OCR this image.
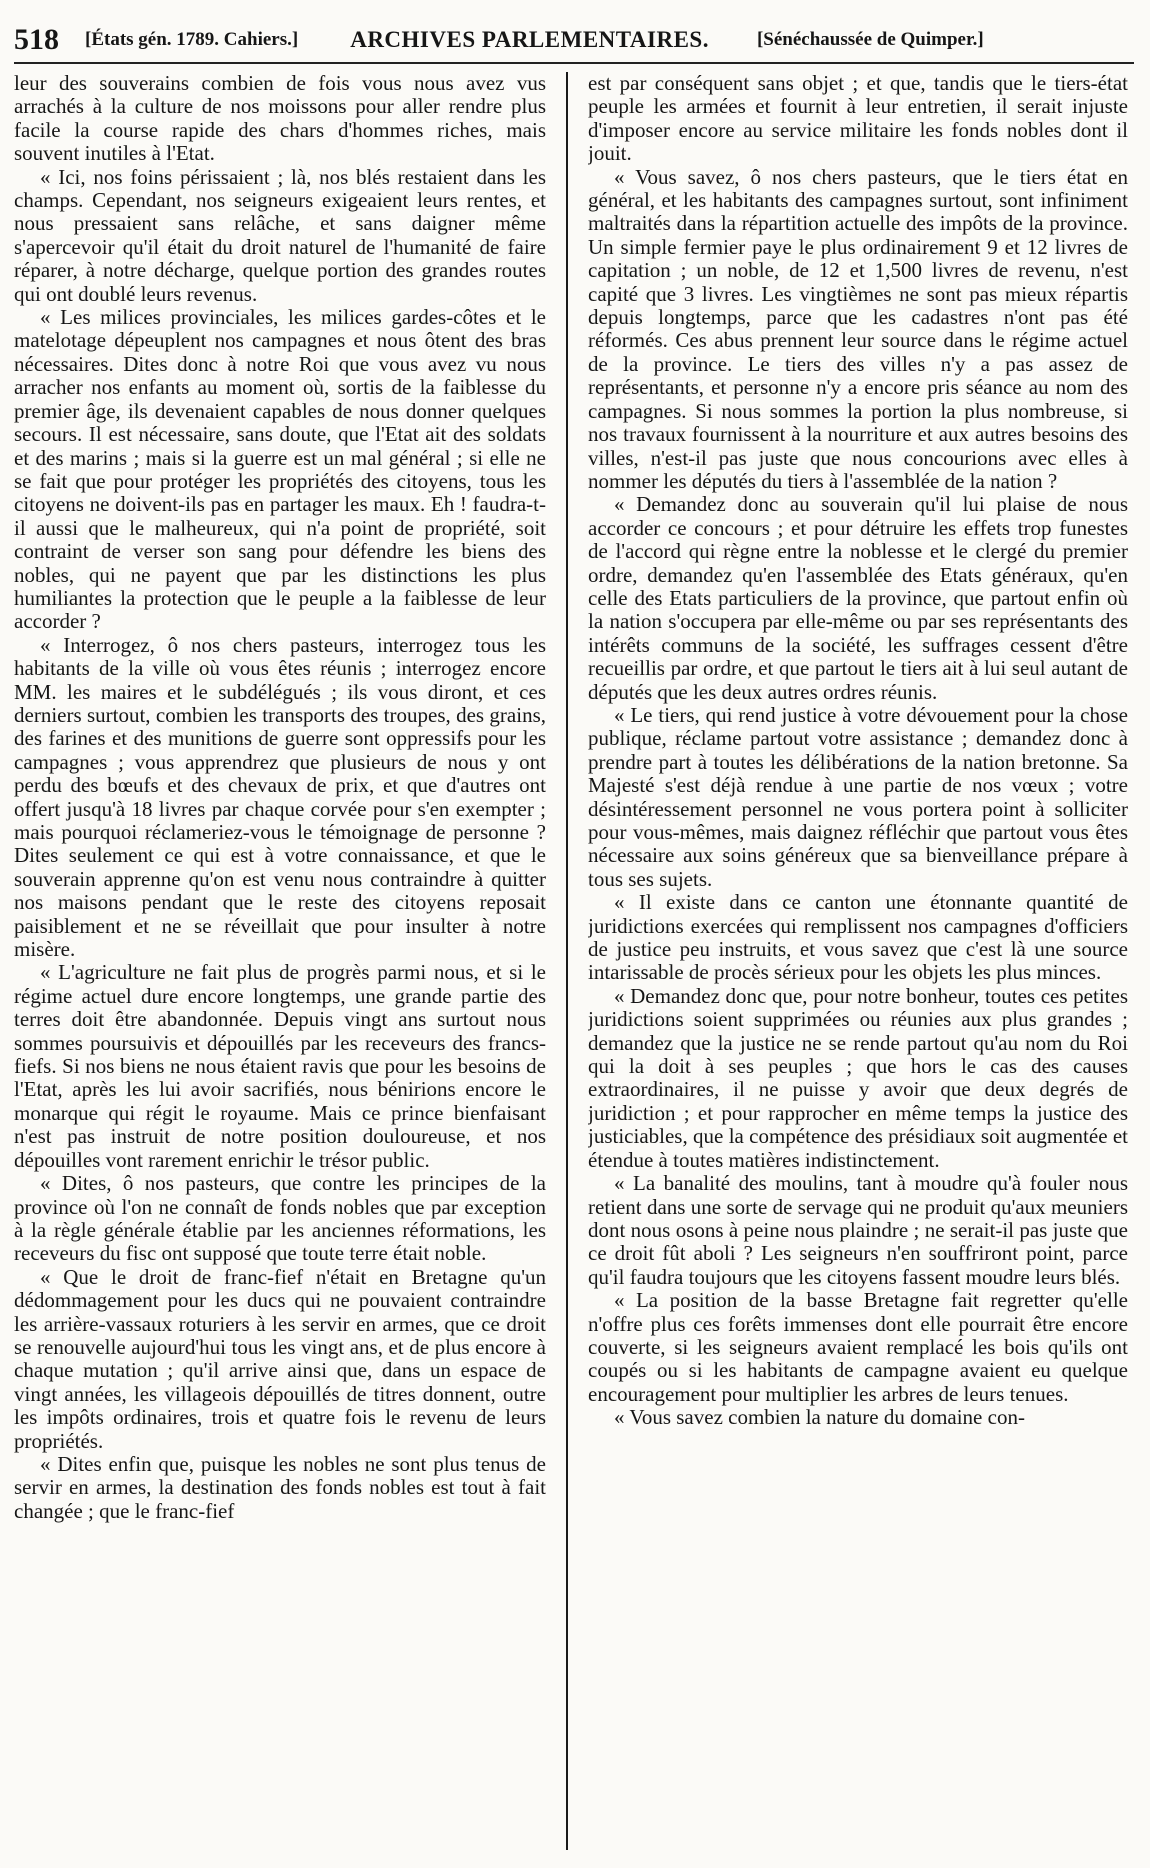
518 [États gén. 1789. Cahiers.] ARCHIVES PARLEMENTAIRES.	[Sénéchaussée de Quimper.]

leur des souverains combien de fois vous nous avez vus arrachés à la culture de nos moissons pour aller rendre plus facile la course rapide des chars d'hommes riches, mais souvent inutiles à l'Etat.

« Ici, nos foins périssaient ; là, nos blés restaient dans les champs. Cependant, nos seigneurs exigeaient leurs rentes, et nous pressaient sans relâche, et sans daigner même s'apercevoir qu'il était du droit naturel de l'humanité de faire réparer, à notre décharge, quelque portion des grandes routes qui ont doublé leurs revenus.

« Les milices provinciales, les milices gardes-côtes et le matelotage dépeuplent nos campagnes et nous ôtent des bras nécessaires. Dites donc à notre Roi que vous avez vu nous arracher nos enfants au moment où, sortis de la faiblesse du premier âge, ils devenaient capables de nous donner quelques secours. Il est nécessaire, sans doute, que l'Etat ait des soldats et des marins ; mais si la guerre est un mal général ; si elle ne se fait que pour protéger les propriétés des citoyens, tous les citoyens ne doivent-ils pas en partager les maux. Eh ! faudra-t-il aussi que le malheureux, qui n'a point de propriété, soit contraint de verser son sang pour défendre les biens des nobles, qui ne payent que par les distinctions les plus humiliantes la protection que le peuple a la faiblesse de leur accorder ?

« Interrogez, ô nos chers pasteurs, interrogez tous les habitants de la ville où vous êtes réunis ; interrogez encore MM. les maires et le subdélégués ; ils vous diront, et ces derniers surtout, combien les transports des troupes, des grains, des farines et des munitions de guerre sont oppressifs pour les campagnes ; vous apprendrez que plusieurs de nous y ont perdu des bœufs et des chevaux de prix, et que d'autres ont offert jusqu'à 18 livres par chaque corvée pour s'en exempter ; mais pourquoi réclameriez-vous le témoignage de personne ? Dites seulement ce qui est à votre connaissance, et que le souverain apprenne qu'on est venu nous contraindre à quitter nos maisons pendant que le reste des citoyens reposait paisiblement et ne se réveillait que pour insulter à notre misère.

« L'agriculture ne fait plus de progrès parmi nous, et si le régime actuel dure encore longtemps, une grande partie des terres doit être abandonnée. Depuis vingt ans surtout nous sommes poursuivis et dépouillés par les receveurs des francs-fiefs. Si nos biens ne nous étaient ravis que pour les besoins de l'Etat, après les lui avoir sacrifiés, nous bénirions encore le monarque qui régit le royaume. Mais ce prince bienfaisant n'est pas instruit de notre position douloureuse, et nos dépouilles vont rarement enrichir le trésor public.

« Dites, ô nos pasteurs, que contre les principes de la province où l'on ne connaît de fonds nobles que par exception à la règle générale établie par les anciennes réformations, les receveurs du fisc ont supposé que toute terre était noble.

« Que le droit de franc-fief n'était en Bretagne qu'un dédommagement pour les ducs qui ne pouvaient contraindre les arrière-vassaux roturiers à les servir en armes, que ce droit se renouvelle aujourd'hui tous les vingt ans, et de plus encore à chaque mutation ; qu'il arrive ainsi que, dans un espace de vingt années, les villageois dépouillés de titres donnent, outre les impôts ordinaires, trois et quatre fois le revenu de leurs propriétés.

« Dites enfin que, puisque les nobles ne sont plus tenus de servir en armes, la destination des fonds nobles est tout à fait changée ; que le franc-fief

est par conséquent sans objet ; et que, tandis que le tiers-état peuple les armées et fournit à leur entretien, il serait injuste d'imposer encore au service militaire les fonds nobles dont il jouit.

« Vous savez, ô nos chers pasteurs, que le tiers état en général, et les habitants des campagnes surtout, sont infiniment maltraités dans la répartition actuelle des impôts de la province. Un simple fermier paye le plus ordinairement 9 et 12 livres de capitation ; un noble, de 12 et 1,500 livres de revenu, n'est capité que 3 livres. Les vingtièmes ne sont pas mieux répartis depuis longtemps, parce que les cadastres n'ont pas été réformés. Ces abus prennent leur source dans le régime actuel de la province. Le tiers des villes n'y a pas assez de représentants, et personne n'y a encore pris séance au nom des campagnes. Si nous sommes la portion la plus nombreuse, si nos travaux fournissent à la nourriture et aux autres besoins des villes, n'est-il pas juste que nous concourions avec elles à nommer les députés du tiers à l'assemblée de la nation ?

« Demandez donc au souverain qu'il lui plaise de nous accorder ce concours ; et pour détruire les effets trop funestes de l'accord qui règne entre la noblesse et le clergé du premier ordre, demandez qu'en l'assemblée des Etats généraux, qu'en celle des Etats particuliers de la province, que partout enfin où la nation s'occupera par elle-même ou par ses représentants des intérêts communs de la société, les suffrages cessent d'être recueillis par ordre, et que partout le tiers ait à lui seul autant de députés que les deux autres ordres réunis.

« Le tiers, qui rend justice à votre dévouement pour la chose publique, réclame partout votre assistance ; demandez donc à prendre part à toutes les délibérations de la nation bretonne. Sa Majesté s'est déjà rendue à une partie de nos vœux ; votre désintéressement personnel ne vous portera point à solliciter pour vous-mêmes, mais daignez réfléchir que partout vous êtes nécessaire aux soins généreux que sa bienveillance prépare à tous ses sujets.

« Il existe dans ce canton une étonnante quantité de juridictions exercées qui remplissent nos campagnes d'officiers de justice peu instruits, et vous savez que c'est là une source intarissable de procès sérieux pour les objets les plus minces.

« Demandez donc que, pour notre bonheur, toutes ces petites juridictions soient supprimées ou réunies aux plus grandes ; demandez que la justice ne se rende partout qu'au nom du Roi qui la doit à ses peuples ; que hors le cas des causes extraordinaires, il ne puisse y avoir que deux degrés de juridiction ; et pour rapprocher en même temps la justice des justiciables, que la compétence des présidiaux soit augmentée et étendue à toutes matières indistinctement.

« La banalité des moulins, tant à moudre qu'à fouler nous retient dans une sorte de servage qui ne produit qu'aux meuniers dont nous osons à peine nous plaindre ; ne serait-il pas juste que ce droit fût aboli ? Les seigneurs n'en souffriront point, parce qu'il faudra toujours que les citoyens fassent moudre leurs blés.

« La position de la basse Bretagne fait regretter qu'elle n'offre plus ces forêts immenses dont elle pourrait être encore couverte, si les seigneurs avaient remplacé les bois qu'ils ont coupés ou si les habitants de campagne avaient eu quelque encouragement pour multiplier les arbres de leurs tenues.

« Vous savez combien la nature du domaine con-
